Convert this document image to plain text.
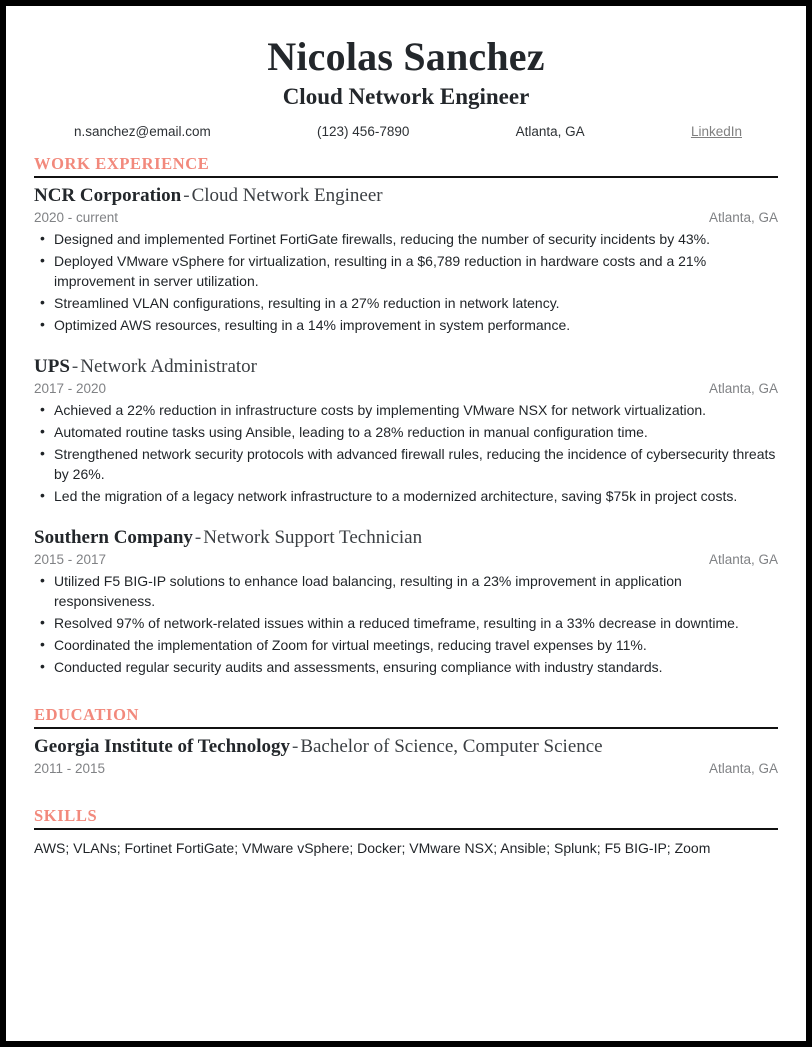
Nicolas Sanchez
Cloud Network Engineer
n.sanchez@email.com	(123) 456-7890	Atlanta, GA	LinkedIn
WORK EXPERIENCE
NCR Corporation - Cloud Network Engineer
2020 - current	Atlanta, GA
• Designed and implemented Fortinet FortiGate firewalls, reducing the number of security incidents by 43%.
• Deployed VMware vSphere for virtualization, resulting in a $6,789 reduction in hardware costs and a 21% improvement in server utilization.
• Streamlined VLAN configurations, resulting in a 27% reduction in network latency.
• Optimized AWS resources, resulting in a 14% improvement in system performance.
UPS - Network Administrator
2017 - 2020	Atlanta, GA
• Achieved a 22% reduction in infrastructure costs by implementing VMware NSX for network virtualization.
• Automated routine tasks using Ansible, leading to a 28% reduction in manual configuration time.
• Strengthened network security protocols with advanced firewall rules, reducing the incidence of cybersecurity threats by 26%.
• Led the migration of a legacy network infrastructure to a modernized architecture, saving $75k in project costs.
Southern Company - Network Support Technician
2015 - 2017	Atlanta, GA
• Utilized F5 BIG-IP solutions to enhance load balancing, resulting in a 23% improvement in application responsiveness.
• Resolved 97% of network-related issues within a reduced timeframe, resulting in a 33% decrease in downtime.
• Coordinated the implementation of Zoom for virtual meetings, reducing travel expenses by 11%.
• Conducted regular security audits and assessments, ensuring compliance with industry standards.
EDUCATION
Georgia Institute of Technology - Bachelor of Science, Computer Science
2011 - 2015	Atlanta, GA
SKILLS
AWS; VLANs; Fortinet FortiGate; VMware vSphere; Docker; VMware NSX; Ansible; Splunk; F5 BIG-IP; Zoom
